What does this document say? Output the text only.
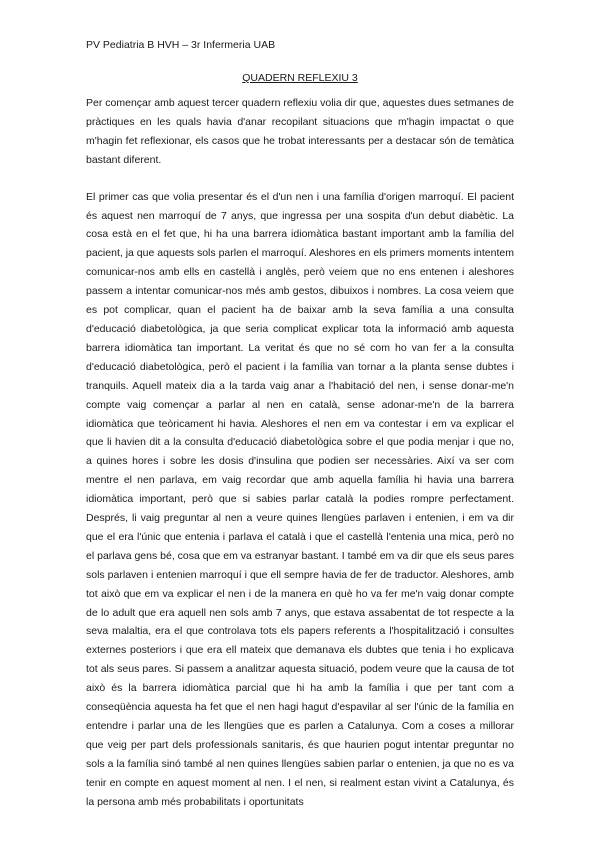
PV Pediatria B HVH – 3r Infermeria UAB
QUADERN REFLEXIU 3

Per començar amb aquest tercer quadern reflexiu volia dir que, aquestes dues setmanes de pràctiques en les quals havia d'anar recopilant situacions que m'hagin impactat o que m'hagin fet reflexionar, els casos que he trobat interessants per a destacar són de temàtica bastant diferent.

El primer cas que volia presentar és el d'un nen i una família d'origen marroquí. El pacient és aquest nen marroquí de 7 anys, que ingressa per una sospita d'un debut diabètic. La cosa està en el fet que, hi ha una barrera idiomàtica bastant important amb la família del pacient, ja que aquests sols parlen el marroquí. Aleshores en els primers moments intentem comunicar-nos amb ells en castellà i anglès, però veiem que no ens entenen i aleshores passem a intentar comunicar-nos més amb gestos, dibuixos i nombres. La cosa veiem que es pot complicar, quan el pacient ha de baixar amb la seva família a una consulta d'educació diabetològica, ja que seria complicat explicar tota la informació amb aquesta barrera idiomàtica tan important. La veritat és que no sé com ho van fer a la consulta d'educació diabetològica, però el pacient i la família van tornar a la planta sense dubtes i tranquils. Aquell mateix dia a la tarda vaig anar a l'habitació del nen, i sense donar-me'n compte vaig començar a parlar al nen en català, sense adonar-me'n de la barrera idiomàtica que teòricament hi havia. Aleshores el nen em va contestar i em va explicar el que li havien dit a la consulta d'educació diabetològica sobre el que podia menjar i que no, a quines hores i sobre les dosis d'insulina que podien ser necessàries. Així va ser com mentre el nen parlava, em vaig recordar que amb aquella família hi havia una barrera idiomàtica important, però que si sabies parlar català la podies rompre perfectament. Després, li vaig preguntar al nen a veure quines llengües parlaven i entenien, i em va dir que el era l'únic que entenia i parlava el català i que el castellà l'entenia una mica, però no el parlava gens bé, cosa que em va estranyar bastant. I també em va dir que els seus pares sols parlaven i entenien marroquí i que ell sempre havia de fer de traductor. Aleshores, amb tot això que em va explicar el nen i de la manera en què ho va fer me'n vaig donar compte de lo adult que era aquell nen sols amb 7 anys, que estava assabentat de tot respecte a la seva malaltia, era el que controlava tots els papers referents a l'hospitalització i consultes externes posteriors i que era ell mateix que demanava els dubtes que tenia i ho explicava tot als seus pares. Si passem a analitzar aquesta situació, podem veure que la causa de tot això és la barrera idiomàtica parcial que hi ha amb la família i que per tant com a conseqüència aquesta ha fet que el nen hagi hagut d'espavilar al ser l'únic de la família en entendre i parlar una de les llengües que es parlen a Catalunya. Com a coses a millorar que veig per part dels professionals sanitaris, és que haurien pogut intentar preguntar no sols a la família sinó també al nen quines llengües sabien parlar o entenien, ja que no es va tenir en compte en aquest moment al nen. I el nen, si realment estan vivint a Catalunya, és la persona amb més probabilitats i oportunitats
